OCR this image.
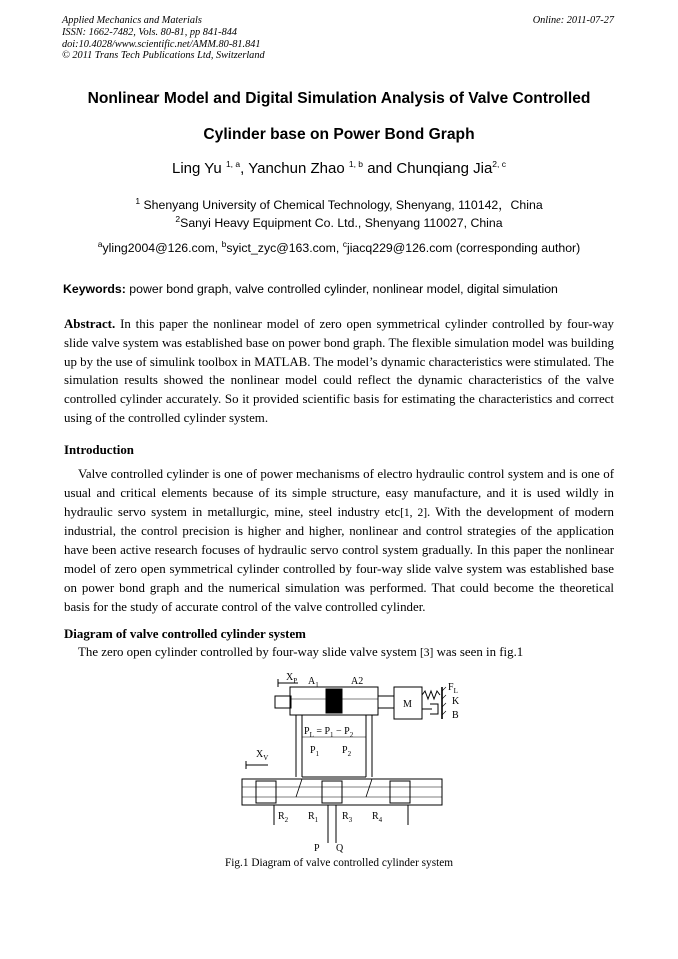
Applied Mechanics and Materials
ISSN: 1662-7482, Vols. 80-81, pp 841-844
doi:10.4028/www.scientific.net/AMM.80-81.841
© 2011 Trans Tech Publications Ltd, Switzerland
Online: 2011-07-27
Nonlinear Model and Digital Simulation Analysis of Valve Controlled
Cylinder base on Power Bond Graph
Ling Yu $^{1, a}$, Yanchun Zhao $^{1, b}$ and Chunqiang Jia$^{2, c}$
$^1$ Shenyang University of Chemical Technology, Shenyang, 110142，China
$^2$Sanyi Heavy Equipment Co. Ltd., Shenyang 110027, China
$^a$yling2004@126.com, $^b$syict_zyc@163.com, $^c$jiacq229@126.com (corresponding author)
Keywords: power bond graph, valve controlled cylinder, nonlinear model, digital simulation
Abstract. In this paper the nonlinear model of zero open symmetrical cylinder controlled by four-way slide valve system was established base on power bond graph. The flexible simulation model was building up by the use of simulink toolbox in MATLAB. The model’s dynamic characteristics were stimulated. The simulation results showed the nonlinear model could reflect the dynamic characteristics of the valve controlled cylinder accurately. So it provided scientific basis for estimating the characteristics and correct using of the controlled cylinder system.
Introduction
Valve controlled cylinder is one of power mechanisms of electro hydraulic control system and is one of usual and critical elements because of its simple structure, easy manufacture, and it is used wildly in hydraulic servo system in metallurgic, mine, steel industry etc[1, 2]. With the development of modern industrial, the control precision is higher and higher, nonlinear and control strategies of the application have been active research focuses of hydraulic servo control system gradually. In this paper the nonlinear model of zero open symmetrical cylinder controlled by four-way slide valve system was established base on power bond graph and the numerical simulation was performed. That could become the theoretical basis for the study of accurate control of the valve controlled cylinder.
Diagram of valve controlled cylinder system
The zero open cylinder controlled by four-way slide valve system [3] was seen in fig.1
$X_P$ $A_1$	A2
M
$F_L$
K
B
$P_L = P_1 - P_2$
$P_1$ $P_2$
$X_V$
$R_2$ $R_1$ $R_3$ $R_4$
P Q
Fig.1 Diagram of valve controlled cylinder system
